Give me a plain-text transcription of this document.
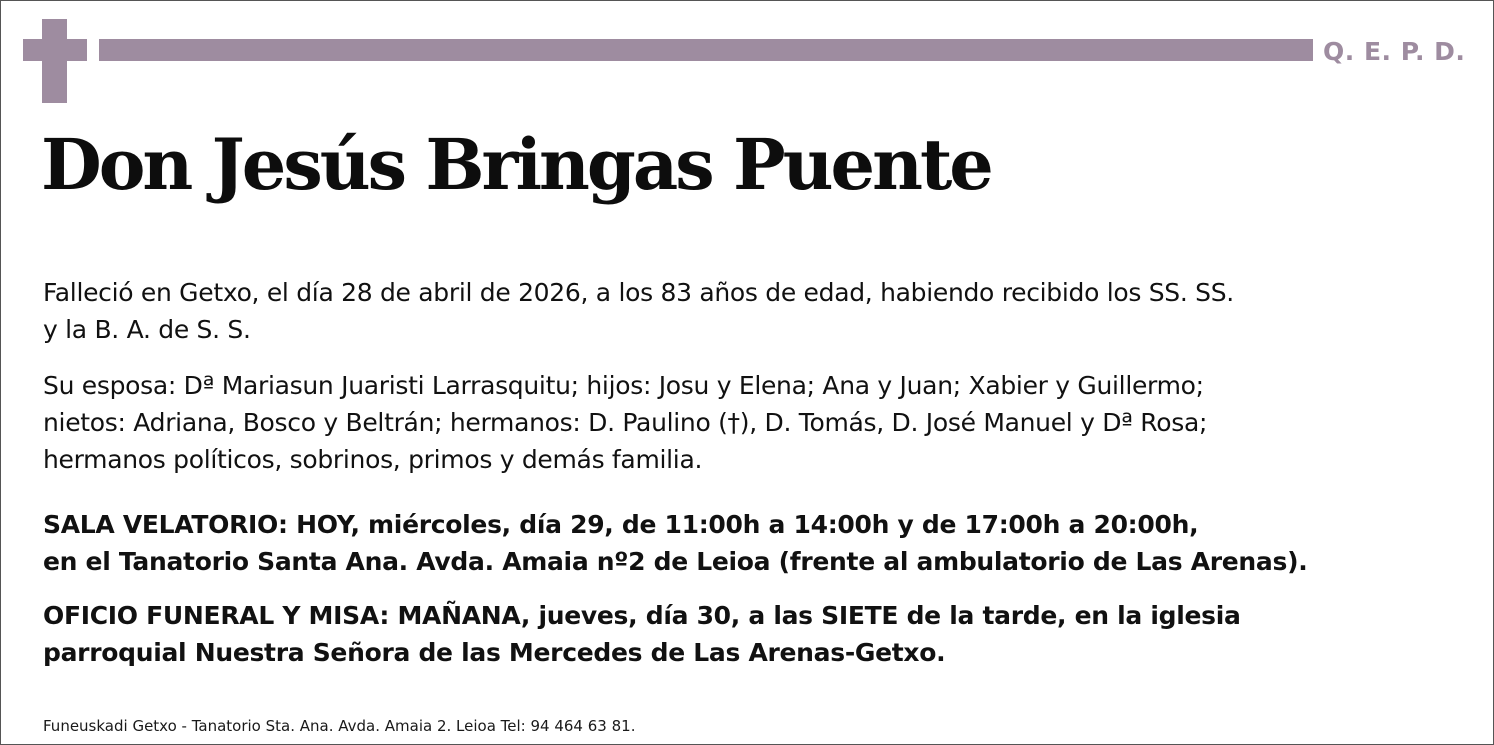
Q. E. P. D.
Don Jesús Bringas Puente
Falleció en Getxo, el día 28 de abril de 2026, a los 83 años de edad, habiendo recibido los SS. SS.
y la B. A. de S. S.
Su esposa: Dª Mariasun Juaristi Larrasquitu; hijos: Josu y Elena; Ana y Juan; Xabier y Guillermo;
nietos: Adriana, Bosco y Beltrán; hermanos: D. Paulino (†), D. Tomás, D. José Manuel y Dª Rosa;
hermanos políticos, sobrinos, primos y demás familia.
SALA VELATORIO: HOY, miércoles, día 29, de 11:00h a 14:00h y de 17:00h a 20:00h,
en el Tanatorio Santa Ana. Avda. Amaia nº2 de Leioa (frente al ambulatorio de Las Arenas).
OFICIO FUNERAL Y MISA: MAÑANA, jueves, día 30, a las SIETE de la tarde, en la iglesia
parroquial Nuestra Señora de las Mercedes de Las Arenas-Getxo.
Funeuskadi Getxo - Tanatorio Sta. Ana. Avda. Amaia 2. Leioa Tel: 94 464 63 81.
